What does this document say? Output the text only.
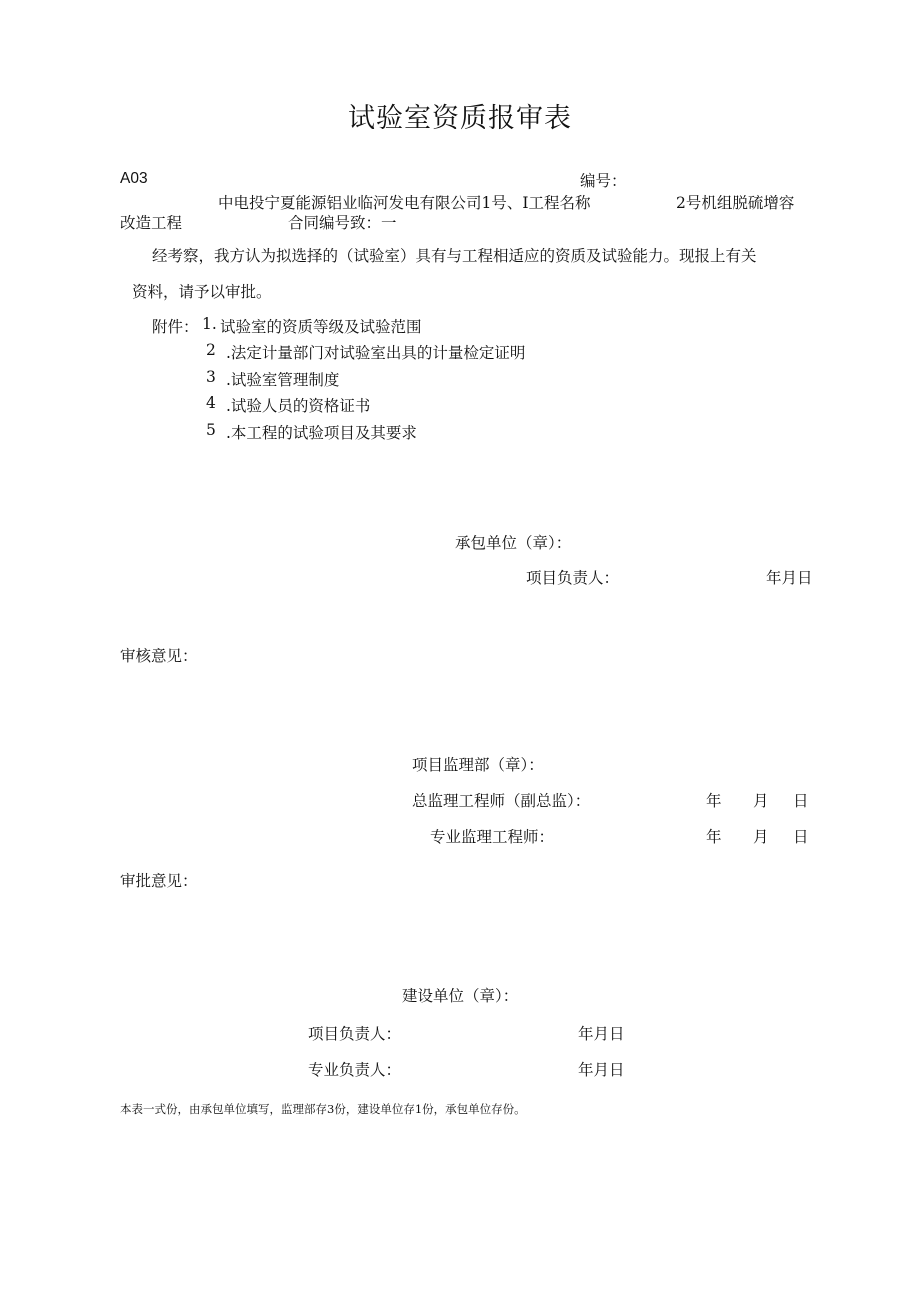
试验室资质报审表
A03	编号：
中电投宁夏能源铝业临河发电有限公司1号、I工程名称	2号机组脱硫增容
改造工程	合同编号致：一
经考察，我方认为拟选择的（试验室）具有与工程相适应的资质及试验能力。现报上有关
资料，请予以审批。
附件： 1. 试验室的资质等级及试验范围
2 .法定计量部门对试验室出具的计量检定证明
3 .试验室管理制度
4 .试验人员的资格证书
5 .本工程的试验项目及其要求
承包单位（章）：
项目负责人：	年月日
审核意见：
项目监理部（章）：
总监理工程师（副总监）：	年 月 日
专业监理工程师：	年 月 日
审批意见：
建设单位（章）：
项目负责人：	年月日
专业负责人：	年月日
本表一式份，由承包单位填写，监理部存3份，建设单位存1份，承包单位存份。
